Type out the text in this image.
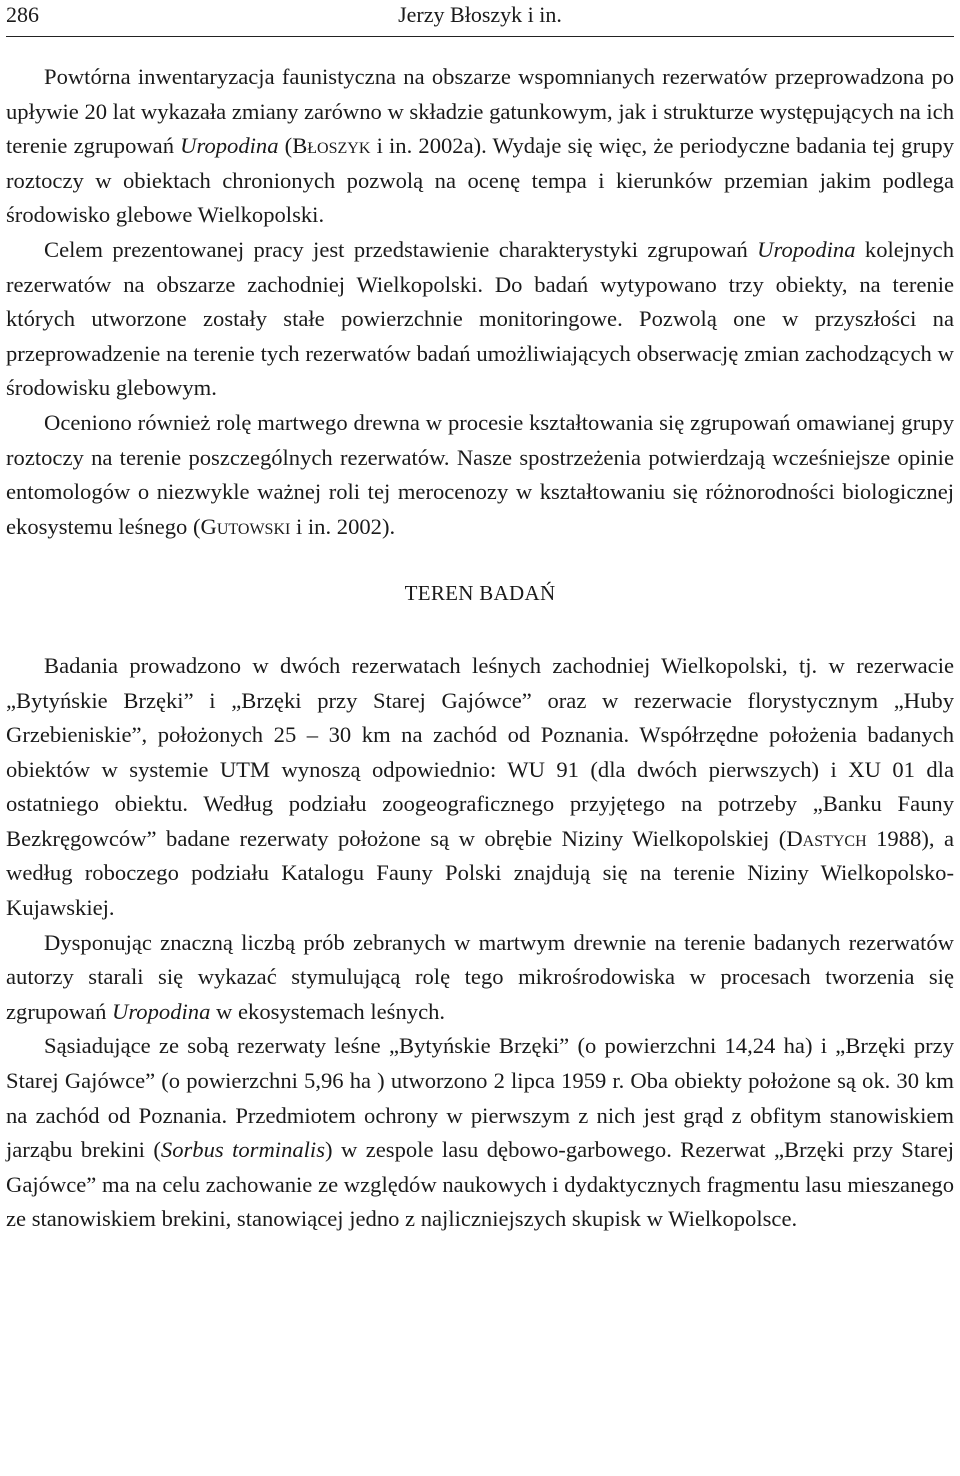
286	Jerzy Błoszyk i in.

Powtórna inwentaryzacja faunistyczna na obszarze wspomnianych rezerwatów przeprowadzona po upływie 20 lat wykazała zmiany zarówno w składzie gatunkowym, jak i strukturze występujących na ich terenie zgrupowań Uropodina (Błoszyk i in. 2002a). Wydaje się więc, że periodyczne badania tej grupy roztoczy w obiektach chronionych pozwolą na ocenę tempa i kierunków przemian jakim podlega środowisko glebowe Wielkopolski.

Celem prezentowanej pracy jest przedstawienie charakterystyki zgrupowań Uropodina kolejnych rezerwatów na obszarze zachodniej Wielkopolski. Do badań wytypowano trzy obiekty, na terenie których utworzone zostały stałe powierzchnie monitoringowe. Pozwolą one w przyszłości na przeprowadzenie na terenie tych rezerwatów badań umożliwiających obserwację zmian zachodzących w środowisku glebowym.

Oceniono również rolę martwego drewna w procesie kształtowania się zgrupowań omawianej grupy roztoczy na terenie poszczególnych rezerwatów. Nasze spostrzeżenia potwierdzają wcześniejsze opinie entomologów o niezwykle ważnej roli tej merocenozy w kształtowaniu się różnorodności biologicznej ekosystemu leśnego (Gutowski i in. 2002).

TEREN BADAŃ

Badania prowadzono w dwóch rezerwatach leśnych zachodniej Wielkopolski, tj. w rezerwacie „Bytyńskie Brzęki” i „Brzęki przy Starej Gajówce” oraz w rezerwacie florystycznym „Huby Grzebieniskie”, położonych 25 – 30 km na zachód od Poznania. Współrzędne położenia badanych obiektów w systemie UTM wynoszą odpowiednio: WU 91 (dla dwóch pierwszych) i XU 01 dla ostatniego obiektu. Według podziału zoogeograficznego przyjętego na potrzeby „Banku Fauny Bezkręgowców” badane rezerwaty położone są w obrębie Niziny Wielkopolskiej (Dastych 1988), a według roboczego podziału Katalogu Fauny Polski znajdują się na terenie Niziny Wielkopolsko-Kujawskiej.

Dysponując znaczną liczbą prób zebranych w martwym drewnie na terenie badanych rezerwatów autorzy starali się wykazać stymulującą rolę tego mikrośrodowiska w procesach tworzenia się zgrupowań Uropodina w ekosystemach leśnych.

Sąsiadujące ze sobą rezerwaty leśne „Bytyńskie Brzęki” (o powierzchni 14,24 ha) i „Brzęki przy Starej Gajówce” (o powierzchni 5,96 ha ) utworzono 2 lipca 1959 r. Oba obiekty położone są ok. 30 km na zachód od Poznania. Przedmiotem ochrony w pierwszym z nich jest grąd z obfitym stanowiskiem jarząbu brekini (Sorbus torminalis) w zespole lasu dębowo-garbowego. Rezerwat „Brzęki przy Starej Gajówce” ma na celu zachowanie ze względów naukowych i dydaktycznych fragmentu lasu mieszanego ze stanowiskiem brekini, stanowiącej jedno z najliczniejszych skupisk w Wielkopolsce.
